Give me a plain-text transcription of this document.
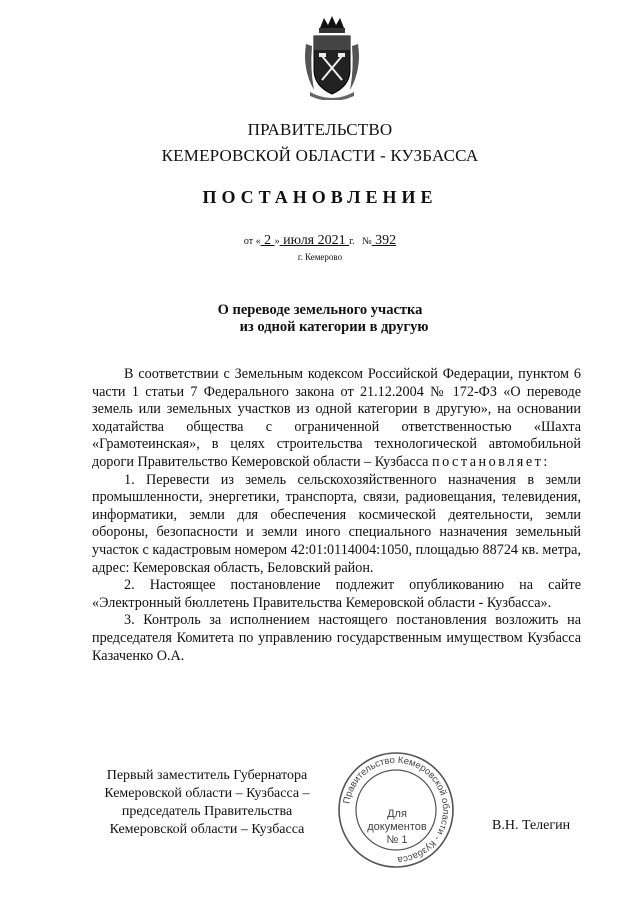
ПРАВИТЕЛЬСТВО
КЕМЕРОВСКОЙ ОБЛАСТИ - КУЗБАССА
ПОСТАНОВЛЕНИЕ
от « 2 » июля 2021 г. № 392
г. Кемерово
О переводе земельного участка
из одной категории в другую

В соответствии с Земельным кодексом Российской Федерации, пунктом 6 части 1 статьи 7 Федерального закона от 21.12.2004 № 172-ФЗ «О переводе земель или земельных участков из одной категории в другую», на основании ходатайства общества с ограниченной ответственностью «Шахта «Грамотеинская», в целях строительства технологической автомобильной дороги Правительство Кемеровской области – Кузбасса постановляет:

1. Перевести из земель сельскохозяйственного назначения в земли промышленности, энергетики, транспорта, связи, радиовещания, телевидения, информатики, земли для обеспечения космической деятельности, земли обороны, безопасности и земли иного специального назначения земельный участок с кадастровым номером 42:01:0114004:1050, площадью 88724 кв. метра, адрес: Кемеровская область, Беловский район.

2. Настоящее постановление подлежит опубликованию на сайте «Электронный бюллетень Правительства Кемеровской области - Кузбасса».

3. Контроль за исполнением настоящего постановления возложить на председателя Комитета по управлению государственным имуществом Кузбасса Казаченко О.А.

Первый заместитель Губернатора
Кемеровской области – Кузбасса –
председатель Правительства
Кемеровской области – Кузбасса
Правительство Кемеровской области - Кузбасса
Для
документов
№ 1
В.Н. Телегин
